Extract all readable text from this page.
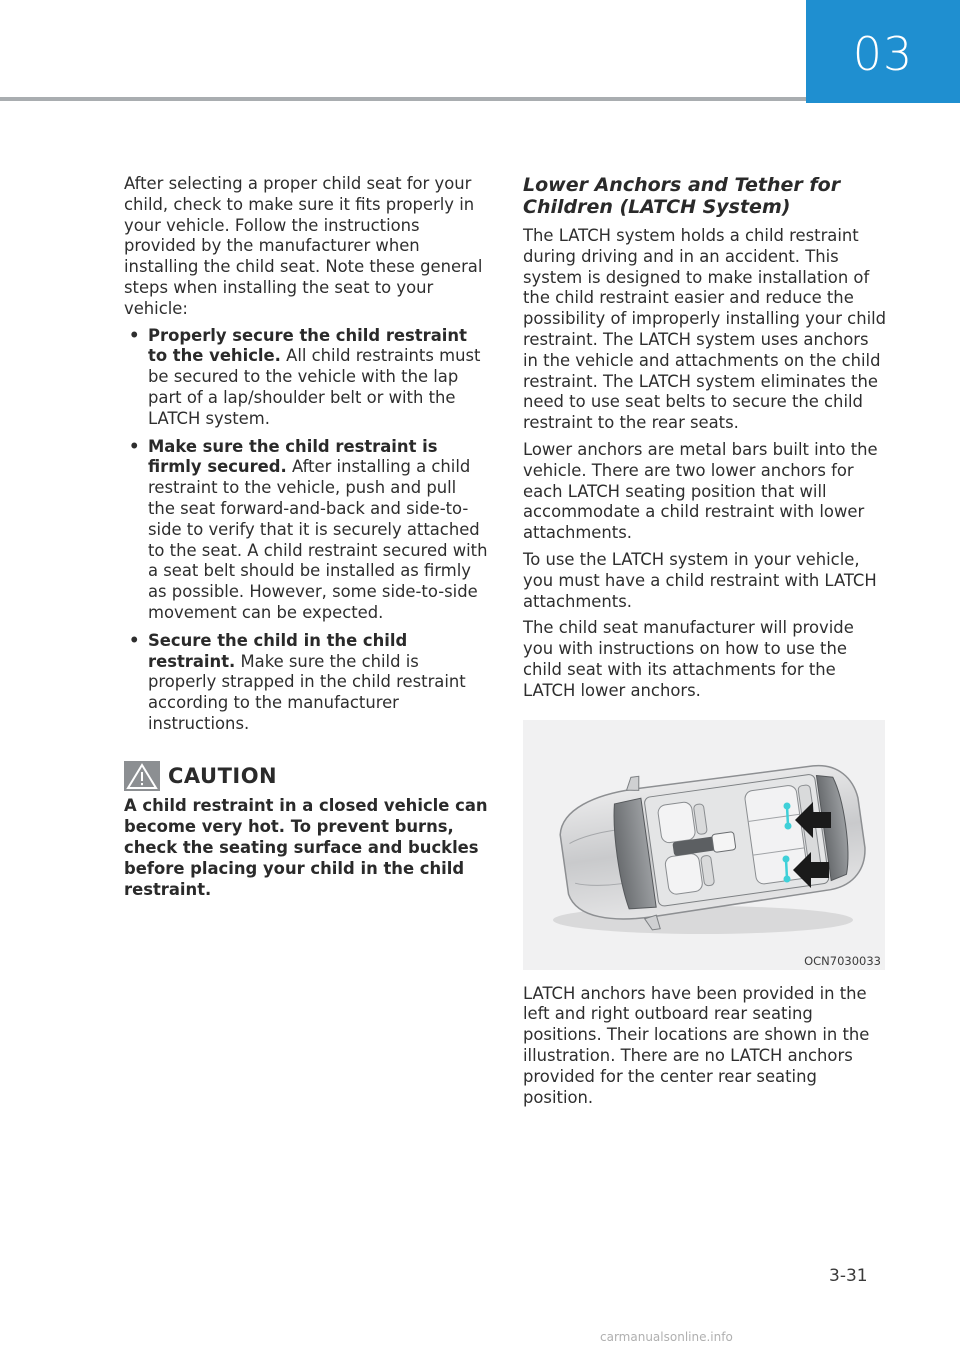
03

After selecting a proper child seat for your child, check to make sure it fits properly in your vehicle. Follow the instructions provided by the manufacturer when installing the child seat. Note these general steps when installing the seat to your vehicle:

• Properly secure the child restraint to the vehicle. All child restraints must be secured to the vehicle with the lap part of a lap/shoulder belt or with the LATCH system.
• Make sure the child restraint is firmly secured. After installing a child restraint to the vehicle, push and pull the seat forward-and-back and side-to-side to verify that it is securely attached to the seat. A child restraint secured with a seat belt should be installed as firmly as possible. However, some side-to-side movement can be expected.
• Secure the child in the child restraint. Make sure the child is properly strapped in the child restraint according to the manufacturer instructions.
CAUTION

A child restraint in a closed vehicle can become very hot. To prevent burns, check the seating surface and buckles before placing your child in the child restraint.

Lower Anchors and Tether for Children (LATCH System)

The LATCH system holds a child restraint during driving and in an accident. This system is designed to make installation of the child restraint easier and reduce the possibility of improperly installing your child restraint. The LATCH system uses anchors in the vehicle and attachments on the child restraint. The LATCH system eliminates the need to use seat belts to secure the child restraint to the rear seats.

Lower anchors are metal bars built into the vehicle. There are two lower anchors for each LATCH seating position that will accommodate a child restraint with lower attachments.

To use the LATCH system in your vehicle, you must have a child restraint with LATCH attachments.

The child seat manufacturer will provide you with instructions on how to use the child seat with its attachments for the LATCH lower anchors.

OCN7030033

LATCH anchors have been provided in the left and right outboard rear seating positions. Their locations are shown in the illustration. There are no LATCH anchors provided for the center rear seating position.

3-31
carmanualsonline.info
